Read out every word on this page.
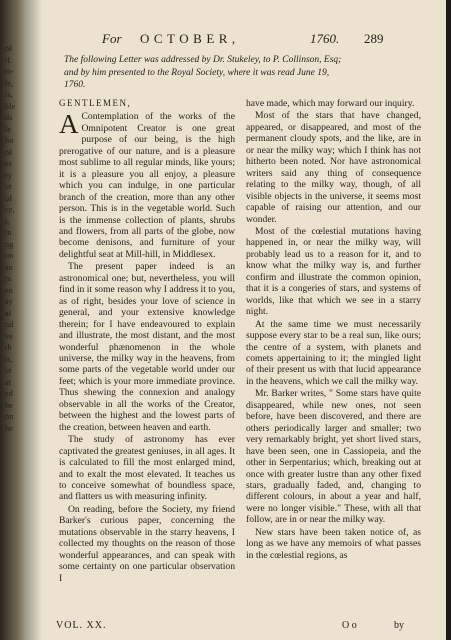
of
if.
to-
le,
ls,
ble
ds
le
ho
of
es
ry
ut
of
ce,
l,
in
ng
on
an
rs
en
ay
al
nd
ve
th
is,
ut
at
ed
be
on
he
For OCTOBER,	1760. 289
The following Letter was addressed by Dr. Stukeley, to P. Collinson, Esq;
and by him presented to the Royal Society, where it was read June 19,
1760.
GENTLEMEN,
A Contemplation of the works of the Omnipotent Creator is one great purpose of our being, is the high prerogative of our nature, and is a pleasure most sublime to all regular minds, like yours; it is a pleasure you all enjoy, a pleasure which you can indulge, in one particular branch of the creation, more than any other person. This is in the vegetable world. Such is the immense collection of plants, shrubs and flowers, from all parts of the globe, now become denisons, and furniture of your delightful seat at Mill-hill, in Middlesex.

The present paper indeed is an astronomical one; but, nevertheless, you will find in it some reason why I address it to you, as of right, besides your love of science in general, and your extensive knowledge therein; for I have endeavoured to explain and illustrate, the most distant, and the most wonderful phænomenon in the whole universe, the milky way in the heavens, from some parts of the vegetable world under our feet; which is your more immediate province. Thus shewing the connexion and analogy observable in all the works of the Creator, between the highest and the lowest parts of the creation, between heaven and earth.

The study of astronomy has ever captivated the greatest geniuses, in all ages. It is calculated to fill the most enlarged mind, and to exalt the most elevated. It teaches us to conceive somewhat of boundless space, and flatters us with measuring infinity.

On reading, before the Society, my friend Barker's curious paper, concerning the mutations observable in the starry heavens, I collected my thoughts on the reason of those wonderful appearances, and can speak with some certainty on one particular observation I

have made, which may forward our inquiry.

Most of the stars that have changed, appeared, or disappeared, and most of the permanent cloudy spots, and the like, are in or near the milky way; which I think has not hitherto been noted. Nor have astronomical writers said any thing of consequence relating to the milky way, though, of all visible objects in the universe, it seems most capable of raising our attention, and our wonder.

Most of the cœlestial mutations having happened in, or near the milky way, will probably lead us to a reason for it, and to know what the milky way is, and further confirm and illustrate the common opinion, that it is a congeries of stars, and systems of worlds, like that which we see in a starry night.

At the same time we must necessarily suppose every star to be a real sun, like ours; the centre of a system, with planets and comets appertaining to it; the mingled light of their present us with that lucid appearance in the heavens, which we call the milky way.

Mr. Barker writes, " Some stars have quite disappeared, while new ones, not seen before, have been discovered, and there are others periodically larger and smaller; two very remarkably bright, yet short lived stars, have been seen, one in Cassiopeia, and the other in Serpentarius; which, breaking out at once with greater lustre than any other fixed stars, gradually faded, and, changing to different colours, in about a year and half, were no longer visible." These, with all that follow, are in or near the milky way.

New stars have been taken notice of, as long as we have any memoirs of what passes in the cœlestial regions, as

VOL. XX.	O o	by
